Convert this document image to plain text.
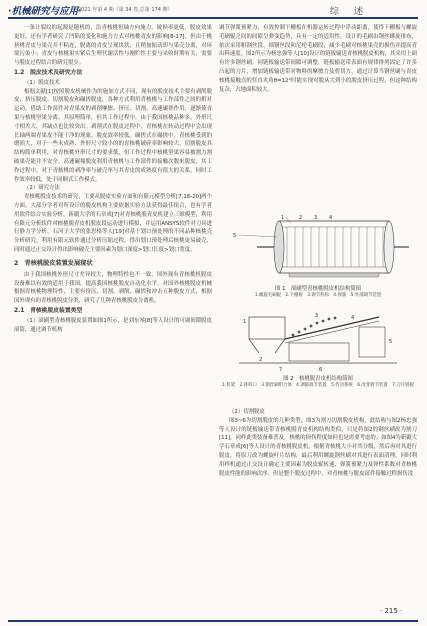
·机械研究与应用·
2021 年第 4 期（第 34 卷,总第 174 期）	综 述

一条让裂纹的起源是随机的，沿青核桃短轴方向施力，破损率更低，脱皮效果更好，还有学者研究了凹陷的变化和施力方式对核桃青皮的影响[8-17]，但由于桃挤桃青皮与果壳并不粘连，脱离的青皮呈现块状，且稍加振动即与果壳分离，对环境污染小；青皮与核桃果实紧后生理代谢活性与刚贮性主要与采收时期有关，需要与脱皮过程结合的研究很少。

1.2　脱皮技术及研究方法

（1）脱皮技术

根据文献[1]按照脱皮机械作为的施加方式不同，现有的脱皮技术主要有剥削脱皮、挤压脱皮、切割脱皮和碾搓脱皮，各种方式利用青核桃与工作部件之间的相对运动，借助工作部件对青果皮的剥削摩擦、挤压、切割、高速碾搓作用，逐渐使青果与核桃坚果分离。其原理简单，但其工作过程中，由于我国核桃品种多，外形尺寸相差大，其缺点也比较突出。剥削式在脱皮过程中，青核桃在转动过程中会出现长轴两端青果皮不能干净的现象，脱皮效率较低。碾搓式在碾搓中，青核桃受到的磨损大，对于一些未成熟、外形尺寸较小的的青核桃破碎率影响较大。切割脱皮其结构简单利用，对青核桃外形尺寸的要求低，但工作过程中核桃坚果容易被割力割破果壳能并不安全。高速碾撞脱皮利用青核桃与工作部件的接触次数来脱皮，其工作过程中，对于青核桃的剥净率与破壳率与其青皮的成熟度有很大的关系，同时工作效率较低，处于同顺式工作模式。

（2）研究方法

青核桃脱皮技术的研究，主要从脱皮实验方面和有限元模型分析[7,18-20]两个方面。大部分学者对所设计的脱皮机构主要依据实验方法获得最佳组合，也有学者用软件结合实验分析。新疆大学的石章成[7]对青核桃脱青皮机建立三维模型，利用有限元分析软件对核桃脱青皮机脱皮段运动进行模拟，并运用ANSYS软件对刀具进行静力学分析。石河子大学的张思格等人[19]对基于划口预处理的不同品种核桃壳分析研究，利用有限元软件通过分析压缩过程，得出划口预处理后核桃更易破壳，同时通过正交设计得出影响破壳主要因素为划口深度>划口长度>划口宽度。

2　青核桃脱皮装置发展现状

由于我国核桃外形尺寸差异较大，物理特性也不一致，国外现有青核桃机脱皮设备难以有效的适用于我国，提高我国核桃脱皮自动化水平，对国外核桃脱皮机械根据青核桃物理特性，主要有挤压、切割、剥削、碾搓和冲击五种脱皮方式，根据国外现有的青核桃脱皮分类，研究了几种青核桃脱皮分离机。

2.1　青核桃脱皮装置类型

（1）滚刷型青核桃脱皮装置如图1所示，是刘东琴[8]等人设计的可调间隙脱皮滚筒，通过调节机构

调节弹簧预紧力，有效控制下栅板在机器运转过程中浮动距离，使得下栅板与螺旋毛刷辊之间的间隙呈弹变趋势，具有一定的适用性。设计的毛刷由钢丝螺旋排布，依次采用粗钢丝段、细钢丝段和尼纶毛刷段，减少毛刷对核桃果壳的损伤并提高青出料速度。图2所示为杨忠强等人[10]设计的链板输送青核桃脱皮机构，其采用上面有许多钢丝刷，同链板输送带间隙可调整，链板输送带表面有规律排列固定了许多凸起的刀片，增加链板输送带对物料的摩擦力及剪切力，通过计算当钢丝刷与青皮核桃接触点的竖直夹角θ=12°时能实现对脱从大到小的脱皮挤压过程，但这种结构复杂，占地面积较大。

5
1	2 3 4
图 1　滚刷型青核桃脱皮机结构简图
1.螺旋毛刷辊　2.下栅板　3.调节机构　4.弹簧　5.外部调节装置
1
2
3	4
5
6
7
图 2　核桃脱青皮机结构简图
1.机架　2.排料口　3.钢丝刷组合体　4.调隙调节装置　5.传动系统　6.改变调节装置　7.刀片链板

（2）切割脱皮

图3~6为切割脱皮的几种类型，图3为割刀切割脱皮机构，此结构与图2杨忠强等人设计的链板输送带青核桃脱青皮机构结构类似，只是将图2的钢丝刷改为割刀[11]，同样此类装备难普及，核桃的损伤程度如何也是需要考虑的。如图4为新疆大学石章成[6]等人设计的青核桃脱皮机，根据青核桃大小对其分级，然后再对其进行脱皮，将原刀改为螺旋叶片结构，最后利用螺旋钢丝刷对其进行表面清理，同时利用样机通过正交设计确定主要因素为脱皮辊转速、弹簧预紧力及弹性系数对青核桃脱皮性能的影响次序。但是整个脱皮过程中，对青核桃与脱皮部件接触过程损伤没

· 215 ·
